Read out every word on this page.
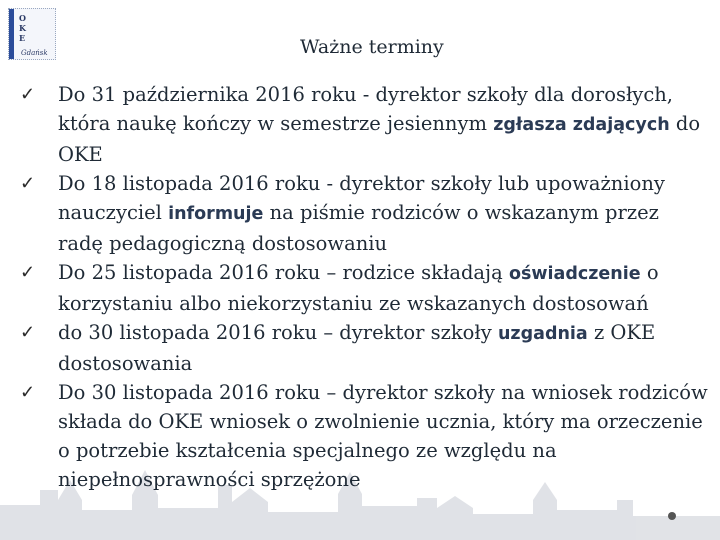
O
K
E
Gdańsk	Ważne terminy
✓ Do 31 października 2016 roku - dyrektor szkoły dla dorosłych, która naukę kończy w semestrze jesiennym zgłasza zdających do OKE
✓ Do 18 listopada 2016 roku - dyrektor szkoły lub upoważniony nauczyciel informuje na piśmie rodziców o wskazanym przez radę pedagogiczną dostosowaniu
✓ Do 25 listopada 2016 roku – rodzice składają oświadczenie o korzystaniu albo niekorzystaniu ze wskazanych dostosowań
✓ do 30 listopada 2016 roku – dyrektor szkoły uzgadnia z OKE dostosowania
✓ Do 30 listopada 2016 roku – dyrektor szkoły na wniosek rodziców składa do OKE wniosek o zwolnienie ucznia, który ma orzeczenie o potrzebie kształcenia specjalnego ze względu na niepełnosprawności sprzężone
